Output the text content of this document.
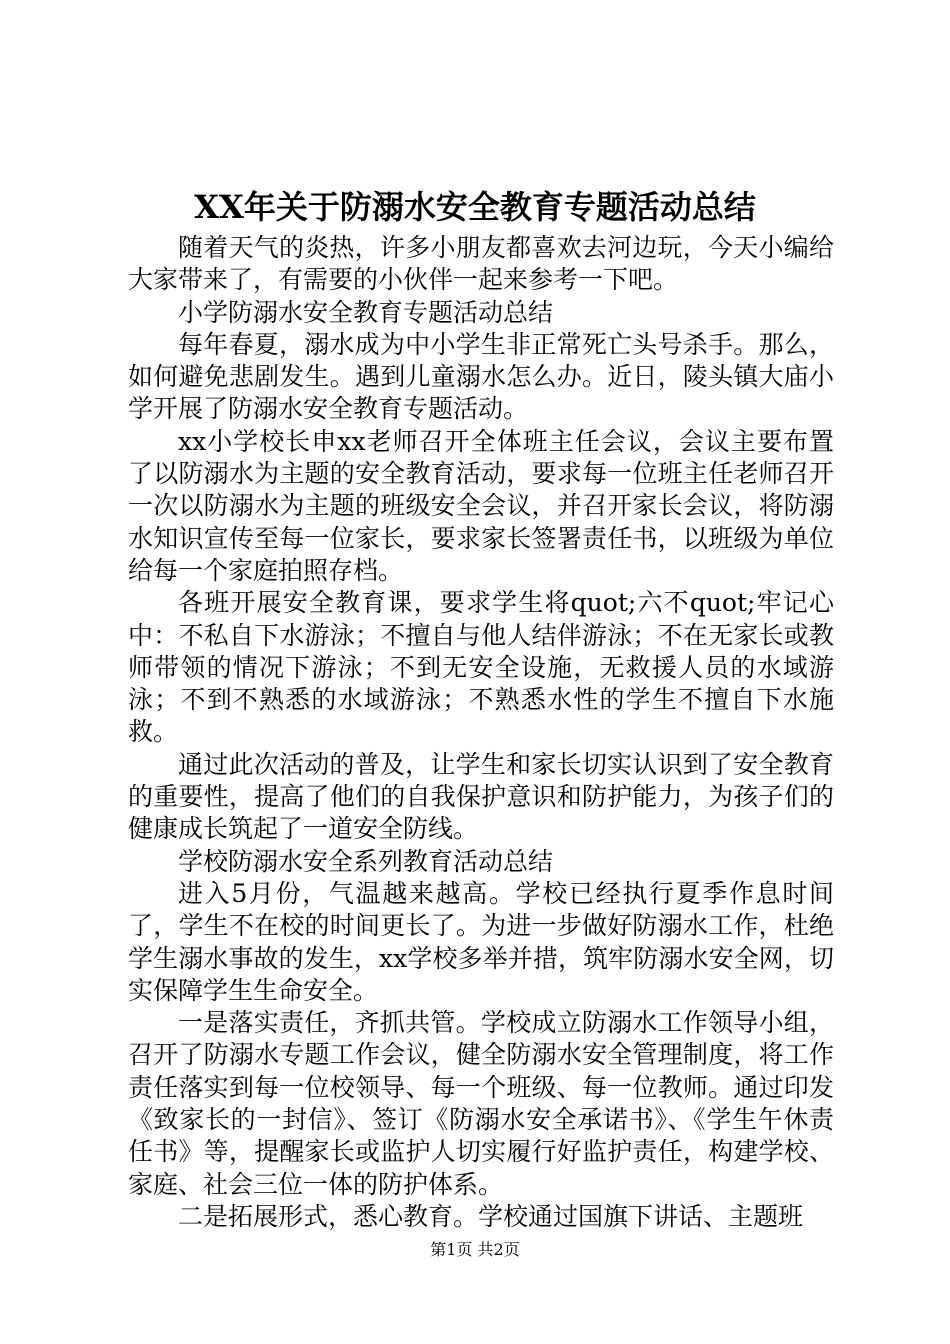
XX年关于防溺水安全教育专题活动总结

随着天气的炎热，许多小朋友都喜欢去河边玩，今天小编给大家带来了，有需要的小伙伴一起来参考一下吧。

小学防溺水安全教育专题活动总结

每年春夏，溺水成为中小学生非正常死亡头号杀手。那么，如何避免悲剧发生。遇到儿童溺水怎么办。近日，陵头镇大庙小学开展了防溺水安全教育专题活动。

xx小学校长申xx老师召开全体班主任会议，会议主要布置了以防溺水为主题的安全教育活动，要求每一位班主任老师召开一次以防溺水为主题的班级安全会议，并召开家长会议，将防溺水知识宣传至每一位家长，要求家长签署责任书，以班级为单位给每一个家庭拍照存档。

各班开展安全教育课，要求学生将quot;六不quot;牢记心中：不私自下水游泳；不擅自与他人结伴游泳；不在无家长或教师带领的情况下游泳；不到无安全设施，无救援人员的水域游泳；不到不熟悉的水域游泳；不熟悉水性的学生不擅自下水施救。

通过此次活动的普及，让学生和家长切实认识到了安全教育的重要性，提高了他们的自我保护意识和防护能力，为孩子们的健康成长筑起了一道安全防线。

学校防溺水安全系列教育活动总结

进入5月份，气温越来越高。学校已经执行夏季作息时间了，学生不在校的时间更长了。为进一步做好防溺水工作，杜绝学生溺水事故的发生，xx学校多举并措，筑牢防溺水安全网，切实保障学生生命安全。

一是落实责任，齐抓共管。学校成立防溺水工作领导小组，召开了防溺水专题工作会议，健全防溺水安全管理制度，将工作责任落实到每一位校领导、每一个班级、每一位教师。通过印发《致家长的一封信》、签订《防溺水安全承诺书》、《学生午休责任书》等，提醒家长或监护人切实履行好监护责任，构建学校、家庭、社会三位一体的防护体系。

二是拓展形式，悉心教育。学校通过国旗下讲话、主题班

第1页 共2页
